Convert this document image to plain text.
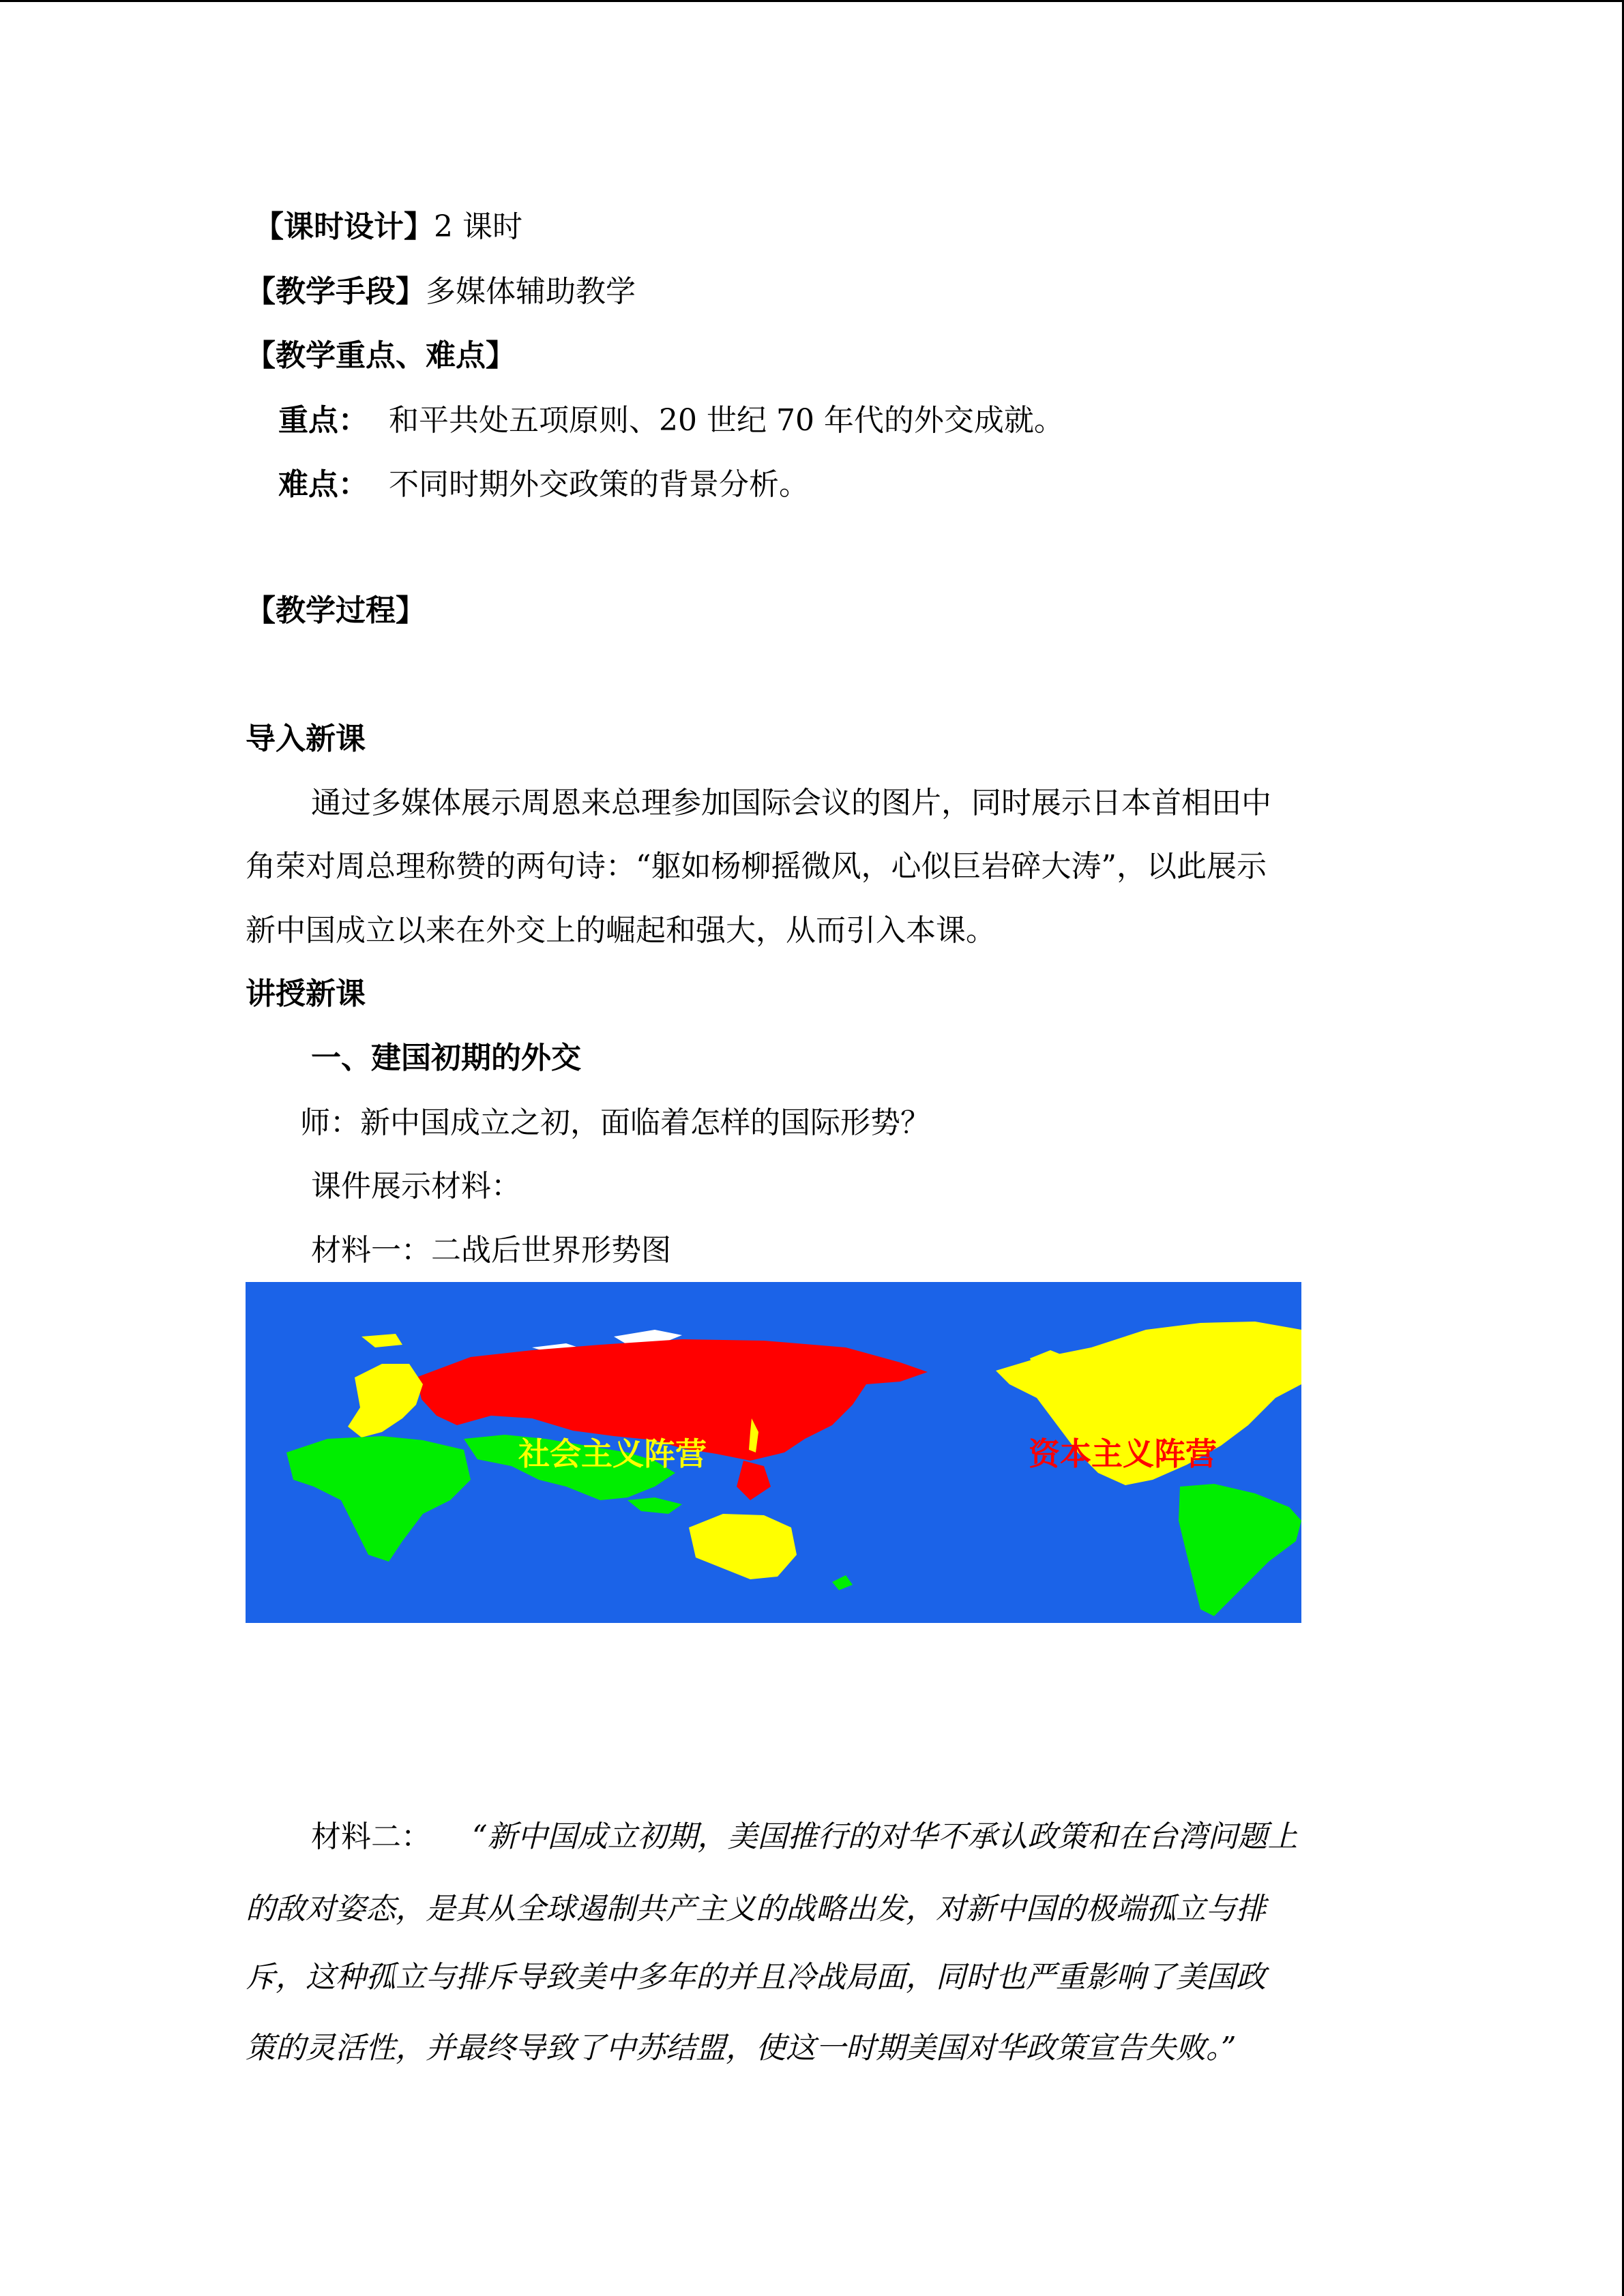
【课时设计】2 课时
【教学手段】多媒体辅助教学
【教学重点、难点】
重点： 和平共处五项原则、20 世纪 70 年代的外交成就。
难点： 不同时期外交政策的背景分析。
【教学过程】
导入新课
通过多媒体展示周恩来总理参加国际会议的图片，同时展示日本首相田中
角荣对周总理称赞的两句诗：“躯如杨柳摇微风，心似巨岩碎大涛”，以此展示
新中国成立以来在外交上的崛起和强大，从而引入本课。
讲授新课
一、建国初期的外交
师：新中国成立之初，面临着怎样的国际形势？
课件展示材料：
材料一：二战后世界形势图
社会主义阵营	资本主义阵营
材料二： “新中国成立初期，美国推行的对华不承认政策和在台湾问题上
的敌对姿态，是其从全球遏制共产主义的战略出发，对新中国的极端孤立与排
斥，这种孤立与排斥导致美中多年的并且冷战局面，同时也严重影响了美国政
策的灵活性，并最终导致了中苏结盟，使这一时期美国对华政策宣告失败。”
